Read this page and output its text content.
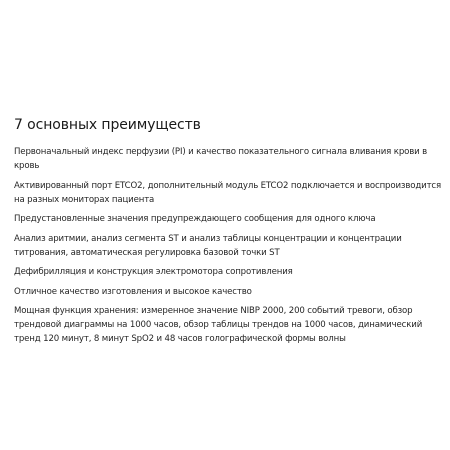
7 основных преимуществ
Первоначальный индекс перфузии (PI) и качество показательного сигнала вливания крови в кровь
Активированный порт ETCO2, дополнительный модуль ETCO2 подключается и воспроизводится на разных мониторах пациента
Предустановленные значения предупреждающего сообщения для одного ключа
Анализ аритмии, анализ сегмента ST и анализ таблицы концентрации и концентрации титрования, автоматическая регулировка базовой точки ST
Дефибрилляция и конструкция электромотора сопротивления
Отличное качество изготовления и высокое качество
Мощная функция хранения: измеренное значение NIBP 2000, 200 событий тревоги, обзор трендовой диаграммы на 1000 часов, обзор таблицы трендов на 1000 часов, динамический тренд 120 минут, 8 минут SpO2 и 48 часов голографической формы волны
